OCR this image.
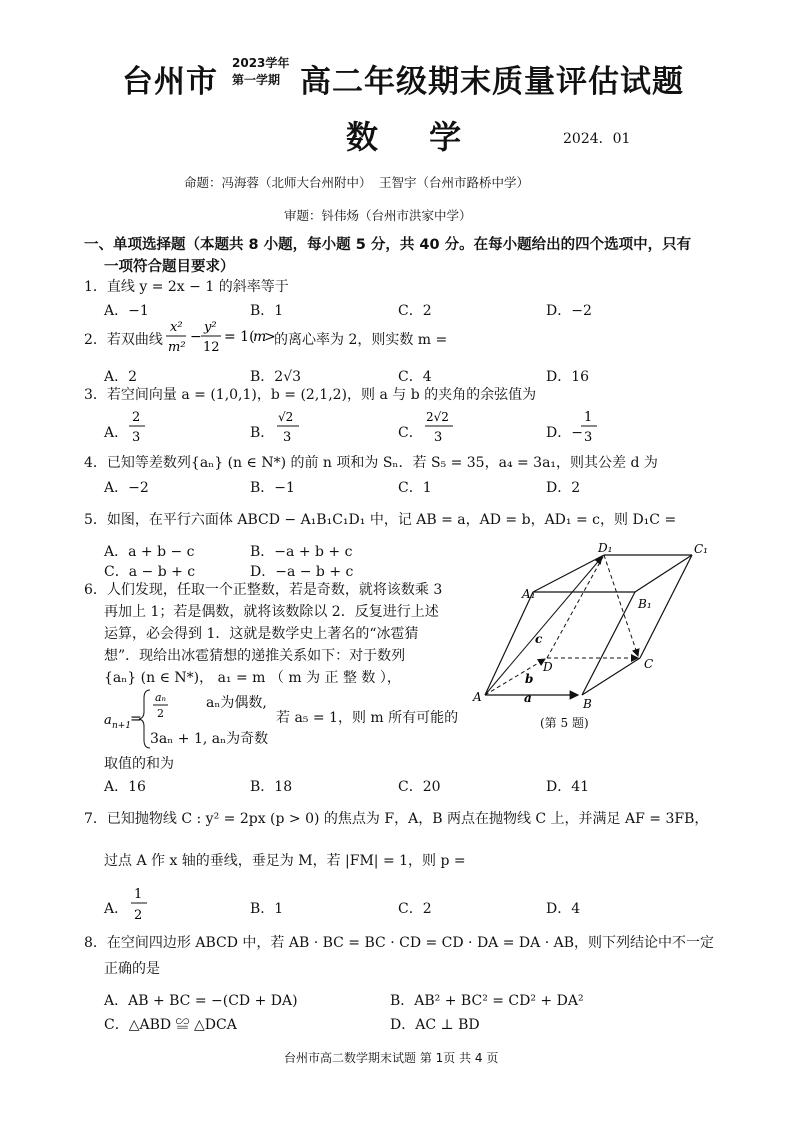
台州市
2023学年
第一学期 高二年级期末质量评估试题
数 学	2024．01
命题：冯海蓉（北师大台州附中） 王智宇（台州市路桥中学）
审题：钭伟炀（台州市洪家中学）
一、单项选择题（本题共 8 小题，每小题 5 分，共 40 分。在每小题给出的四个选项中，只有
一项符合题目要求）
1．直线 y = 2x − 1 的斜率等于
A．−1	B．1	C．2	D．−2
2．若双曲线
x²
m²
−
y²
12
= 1(
m
>
的离心率为 2，则实数 m =
A．2	B．2√3	C．4	D．16
3．若空间向量 a = (1,0,1)，b = (2,1,2)，则 a 与 b 的夹角的余弦值为
A．
2
3	B．
√2
3	C．
2√2
3	D．−
1
3
4．已知等差数列{aₙ} (n ∈ N*) 的前 n 项和为 Sₙ．若 S₅ = 35，a₄ = 3a₁，则其公差 d 为
A．−2	B．−1	C．1	D．2
5．如图，在平行六面体 ABCD − A₁B₁C₁D₁ 中，记 AB = a，AD = b，AD₁ = c，则 D₁C =
A．a + b − c	B．−a + b + c
C．a − b + c	D．−a − b + c
6．人们发现，任取一个正整数，若是奇数，就将该数乘 3
再加上 1；若是偶数，就将该数除以 2．反复进行上述
运算，必会得到 1．这就是数学史上著名的“冰雹猜
想”．现给出冰雹猜想的递推关系如下：对于数列
{aₙ} (n ∈ N*)， a₁ = m （ m 为 正 整 数 ），
a n+1
=
aₙ
2
aₙ为偶数,
3aₙ + 1, aₙ为奇数
若 a₅ = 1，则 m 所有可能的
取值的和为
A．16	B．18	C．20	D．41
D₁	C₁
A₁
B₁
D	C
A	B
a
b
c
(第 5 题)
7．已知抛物线 C : y² = 2px (p > 0) 的焦点为 F，A，B 两点在抛物线 C 上，并满足 AF = 3FB，
过点 A 作 x 轴的垂线，垂足为 M，若 |FM| = 1，则 p =
A．
1
2	B．1	C．2	D．4
8．在空间四边形 ABCD 中，若 AB · BC = BC · CD = CD · DA = DA · AB，则下列结论中不一定
正确的是
A．AB + BC = −(CD + DA)	B．AB² + BC² = CD² + DA²
C．△ABD ≌ △DCA	D．AC ⊥ BD
台州市高二数学期末试题 第 1页 共 4 页
